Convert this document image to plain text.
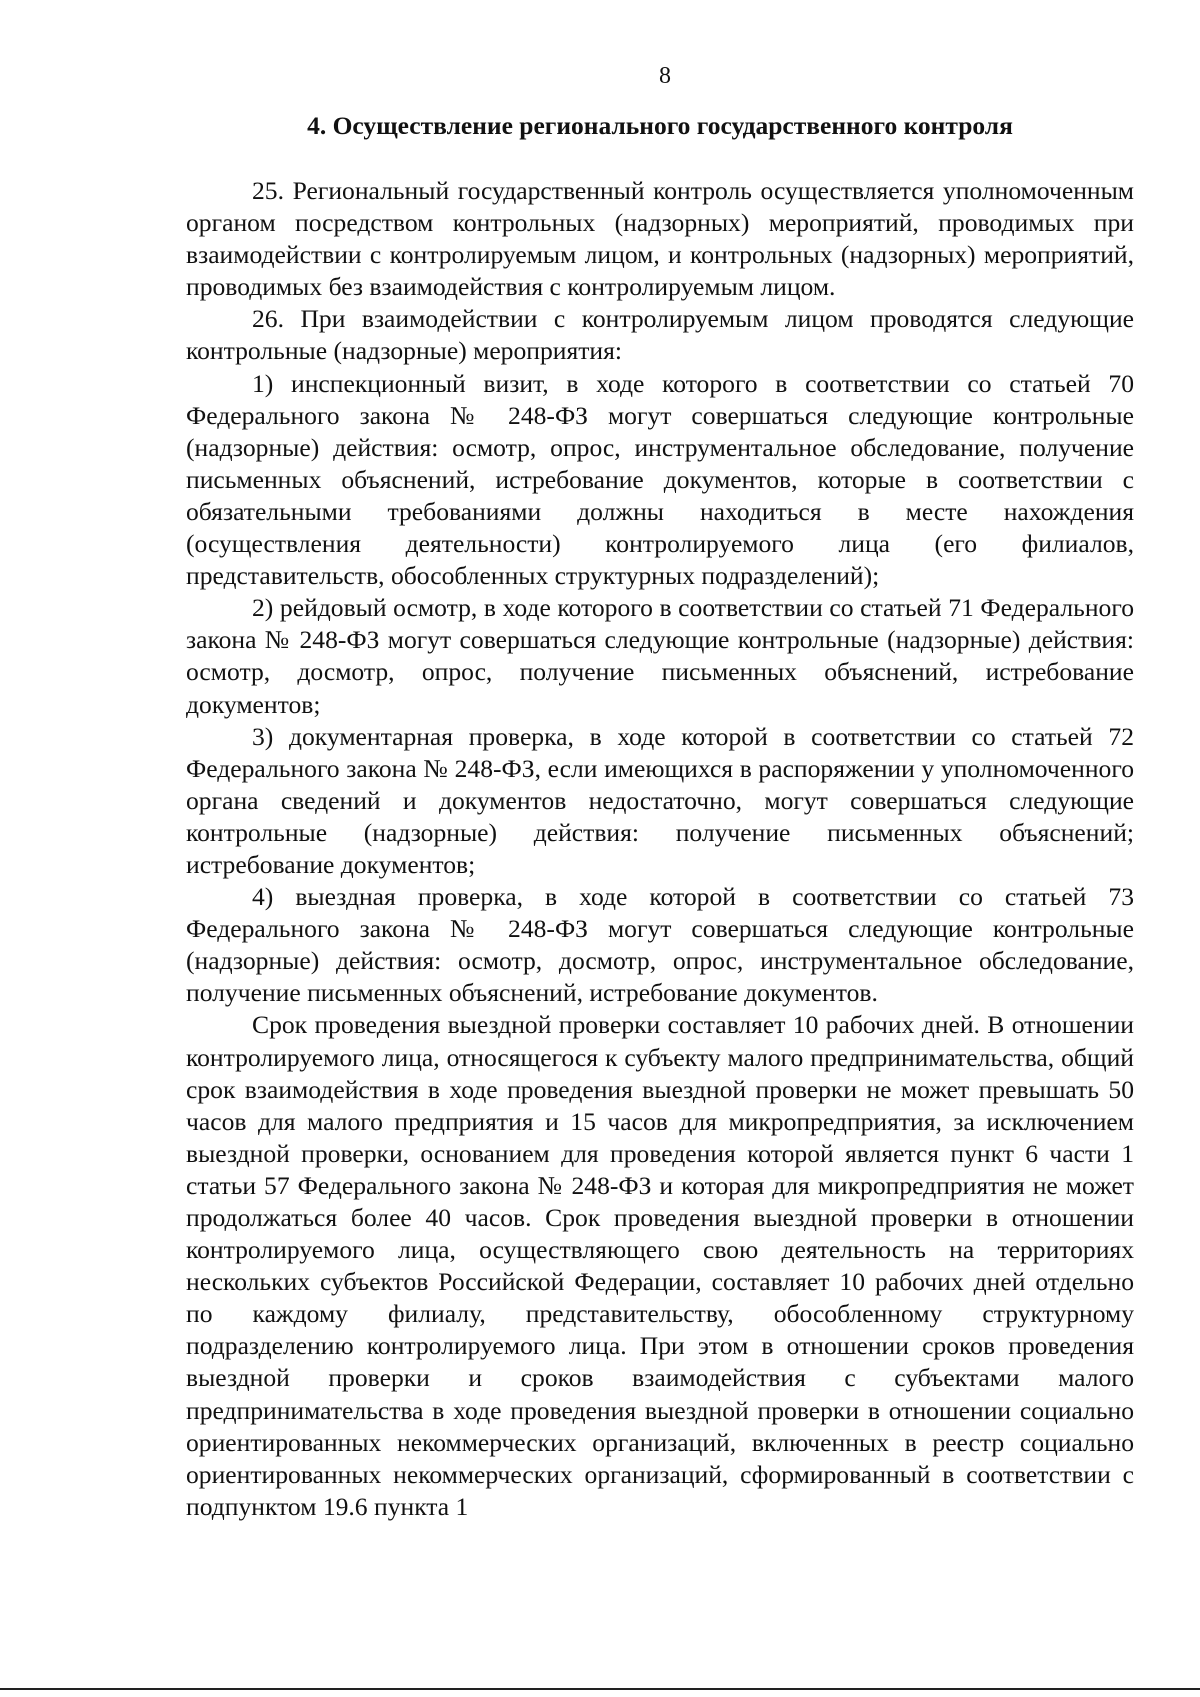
8
4. Осуществление регионального государственного контроля

25. Региональный государственный контроль осуществляется уполномоченным органом посредством контрольных (надзорных) мероприятий, проводимых при взаимодействии с контролируемым лицом, и контрольных (надзорных) мероприятий, проводимых без взаимодействия с контролируемым лицом.

26. При взаимодействии с контролируемым лицом проводятся следующие контрольные (надзорные) мероприятия:

1) инспекционный визит, в ходе которого в соответствии со статьей 70 Федерального закона № 248-ФЗ могут совершаться следующие контрольные (надзорные) действия: осмотр, опрос, инструментальное обследование, получение письменных объяснений, истребование документов, которые в соответствии с обязательными требованиями должны находиться в месте нахождения (осуществления деятельности) контролируемого лица (его филиалов, представительств, обособленных структурных подразделений);

2) рейдовый осмотр, в ходе которого в соответствии со статьей 71 Федерального закона № 248-ФЗ могут совершаться следующие контрольные (надзорные) действия: осмотр, досмотр, опрос, получение письменных объяснений, истребование документов;

3) документарная проверка, в ходе которой в соответствии со статьей 72 Федерального закона № 248-ФЗ, если имеющихся в распоряжении у уполномоченного органа сведений и документов недостаточно, могут совершаться следующие контрольные (надзорные) действия: получение письменных объяснений; истребование документов;

4) выездная проверка, в ходе которой в соответствии со статьей 73 Федерального закона № 248-ФЗ могут совершаться следующие контрольные (надзорные) действия: осмотр, досмотр, опрос, инструментальное обследование, получение письменных объяснений, истребование документов.

Срок проведения выездной проверки составляет 10 рабочих дней. В отношении контролируемого лица, относящегося к субъекту малого предпринимательства, общий срок взаимодействия в ходе проведения выездной проверки не может превышать 50 часов для малого предприятия и 15 часов для микропредприятия, за исключением выездной проверки, основанием для проведения которой является пункт 6 части 1 статьи 57 Федерального закона № 248-ФЗ и которая для микропредприятия не может продолжаться более 40 часов. Срок проведения выездной проверки в отношении контролируемого лица, осуществляющего свою деятельность на территориях нескольких субъектов Российской Федерации, составляет 10 рабочих дней отдельно по каждому филиалу, представительству, обособленному структурному подразделению контролируемого лица. При этом в отношении сроков проведения выездной проверки и сроков взаимодействия с субъектами малого предпринимательства в ходе проведения выездной проверки в отношении социально ориентированных некоммерческих организаций, включенных в реестр социально ориентированных некоммерческих организаций, сформированный в соответствии с подпунктом 19.6 пункта 1
